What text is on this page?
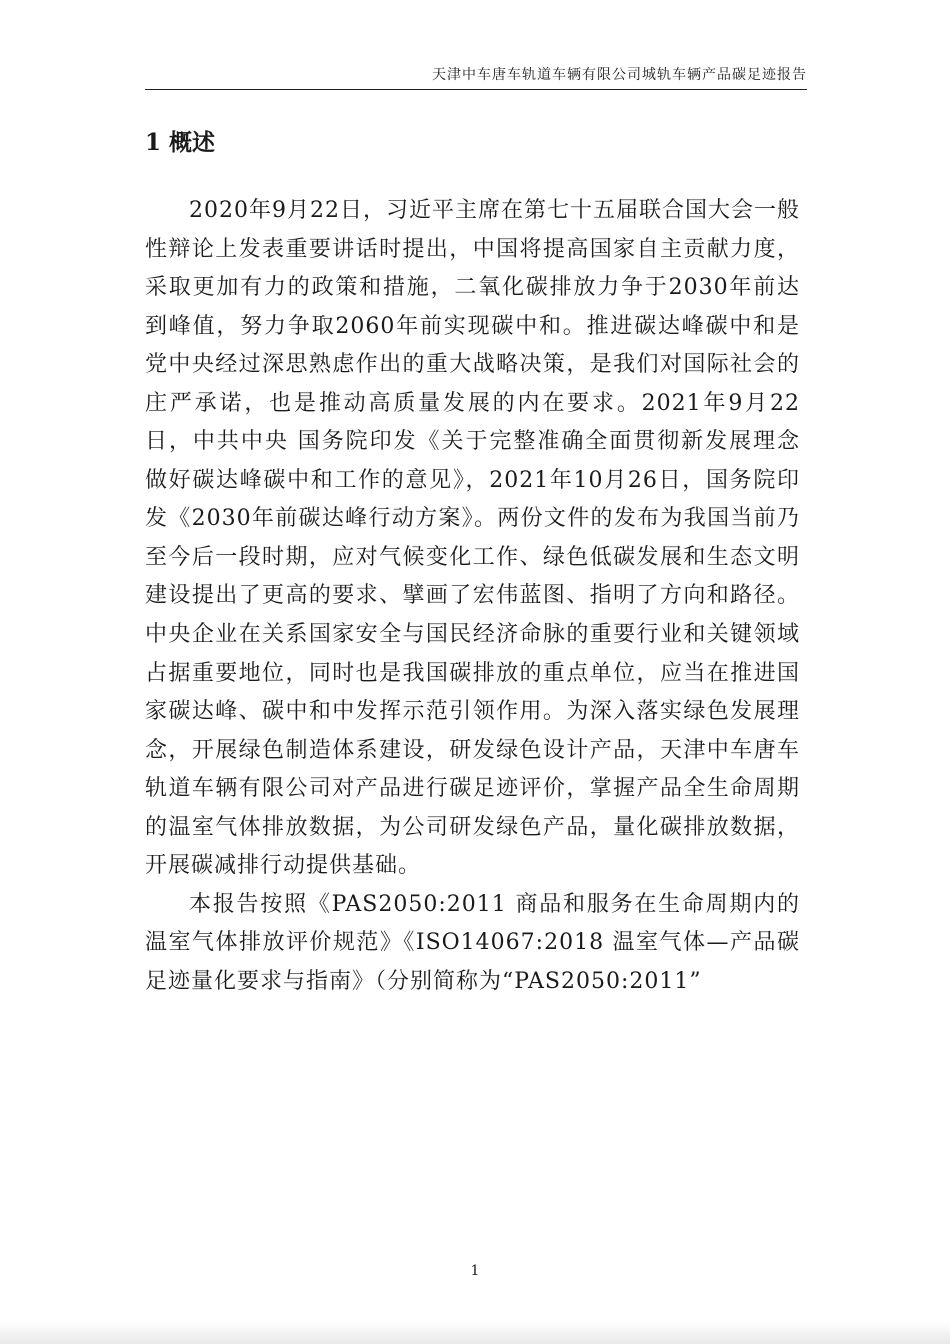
天津中车唐车轨道车辆有限公司城轨车辆产品碳足迹报告
1 概述

2020年9月22日，习近平主席在第七十五届联合国大会一般性辩论上发表重要讲话时提出，中国将提高国家自主贡献力度，采取更加有力的政策和措施，二氧化碳排放力争于2030年前达到峰值，努力争取2060年前实现碳中和。推进碳达峰碳中和是党中央经过深思熟虑作出的重大战略决策，是我们对国际社会的庄严承诺，也是推动高质量发展的内在要求。2021年9月22日，中共中央 国务院印发《关于完整准确全面贯彻新发展理念 做好碳达峰碳中和工作的意见》，2021年10月26日，国务院印发《2030年前碳达峰行动方案》。两份文件的发布为我国当前乃至今后一段时期，应对气候变化工作、绿色低碳发展和生态文明建设提出了更高的要求、擘画了宏伟蓝图、指明了方向和路径。中央企业在关系国家安全与国民经济命脉的重要行业和关键领域占据重要地位，同时也是我国碳排放的重点单位，应当在推进国家碳达峰、碳中和中发挥示范引领作用。为深入落实绿色发展理念，开展绿色制造体系建设，研发绿色设计产品，天津中车唐车轨道车辆有限公司对产品进行碳足迹评价，掌握产品全生命周期的温室气体排放数据，为公司研发绿色产品，量化碳排放数据，开展碳减排行动提供基础。

本报告按照《PAS2050:2011 商品和服务在生命周期内的温室气体排放评价规范》《ISO14067:2018 温室气体—产品碳足迹量化要求与指南》（分别简称为“PAS2050:2011”

1
